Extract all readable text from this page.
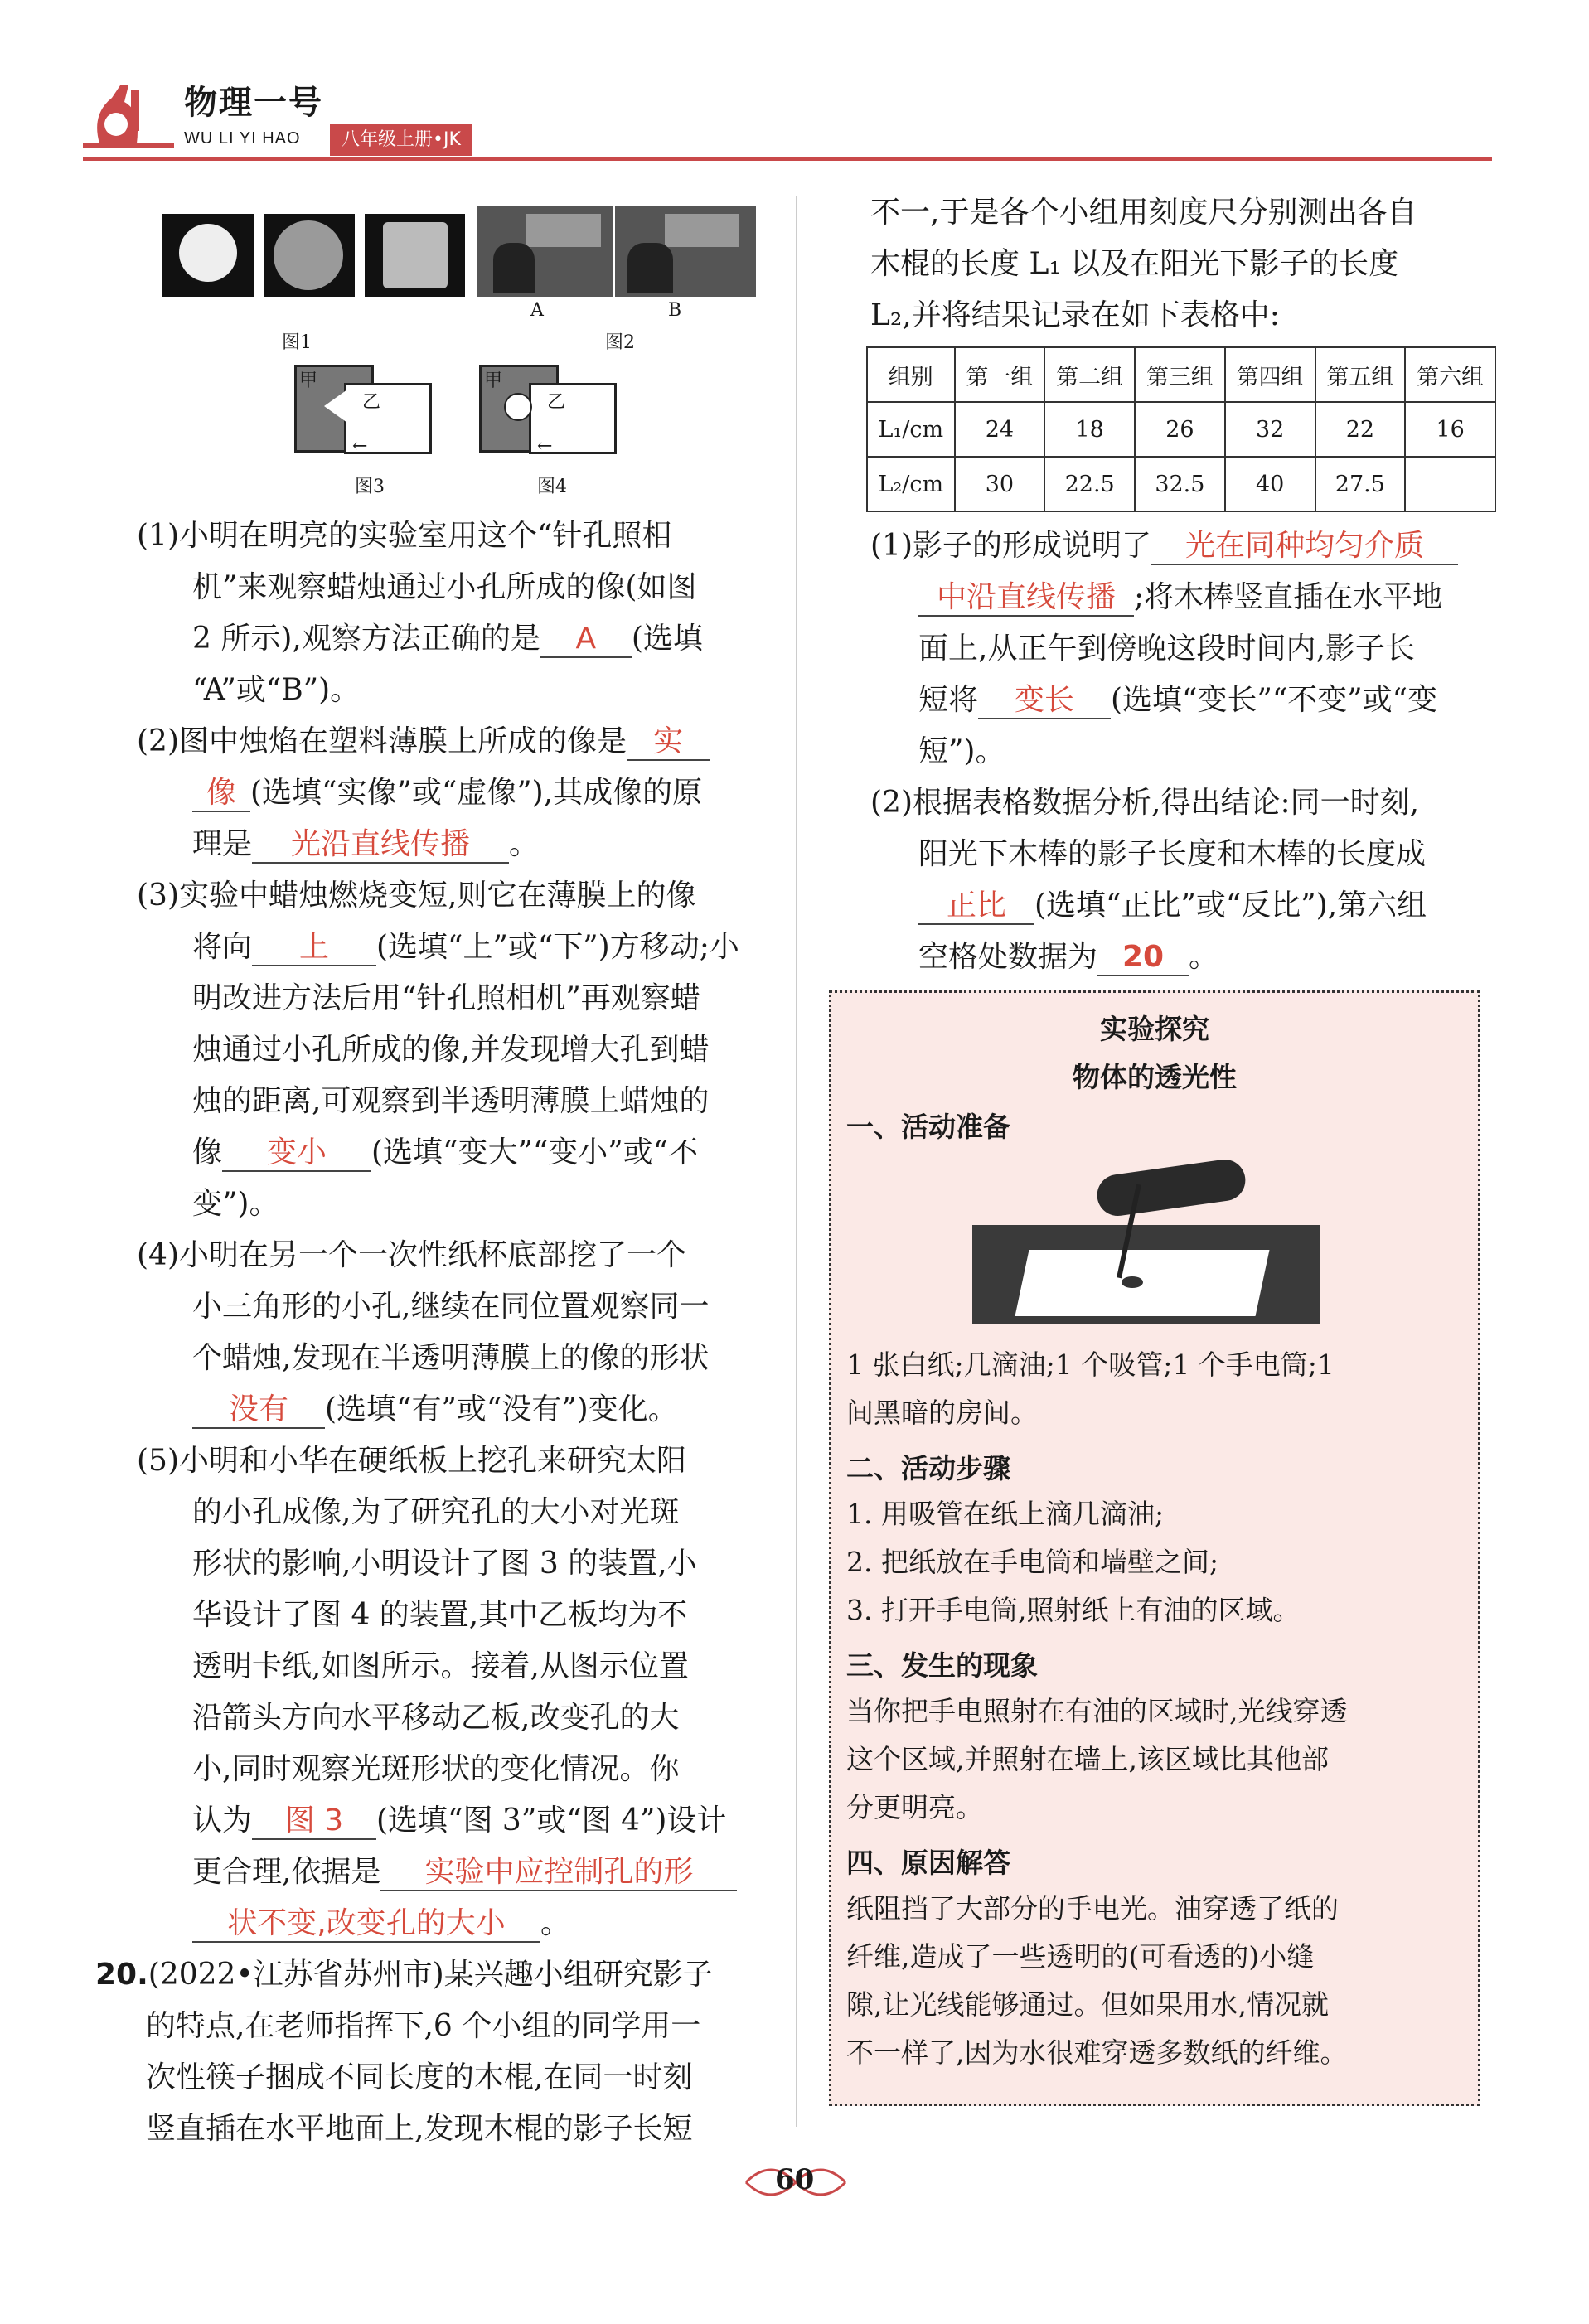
物理一号
WU LI YI HAO	八年级上册•JK
图1
A	B
图2
甲
乙
←
图3
甲
乙
←
图4
(1)小明在明亮的实验室用这个“针孔照相
机”来观察蜡烛通过小孔所成的像(如图
2 所示),观察方法正确的是 A (选填
“A”或“B”)。
(2)图中烛焰在塑料薄膜上所成的像是 实
像 (选填“实像”或“虚像”),其成像的原
理是 光沿直线传播 。
(3)实验中蜡烛燃烧变短,则它在薄膜上的像
将向 上 (选填“上”或“下”)方移动;小
明改进方法后用“针孔照相机”再观察蜡
烛通过小孔所成的像,并发现增大孔到蜡
烛的距离,可观察到半透明薄膜上蜡烛的
像 变小 (选填“变大”“变小”或“不
变”)。
(4)小明在另一个一次性纸杯底部挖了一个
小三角形的小孔,继续在同位置观察同一
个蜡烛,发现在半透明薄膜上的像的形状
没有 (选填“有”或“没有”)变化。
(5)小明和小华在硬纸板上挖孔来研究太阳
的小孔成像,为了研究孔的大小对光斑
形状的影响,小明设计了图 3 的装置,小
华设计了图 4 的装置,其中乙板均为不
透明卡纸,如图所示。接着,从图示位置
沿箭头方向水平移动乙板,改变孔的大
小,同时观察光斑形状的变化情况。你
认为 图 3 (选填“图 3”或“图 4”)设计
更合理,依据是 实验中应控制孔的形
状不变,改变孔的大小 。
20.(2022•江苏省苏州市)某兴趣小组研究影子
的特点,在老师指挥下,6 个小组的同学用一
次性筷子捆成不同长度的木棍,在同一时刻
竖直插在水平地面上,发现木棍的影子长短
不一,于是各个小组用刻度尺分别测出各自
木棍的长度 L₁ 以及在阳光下影子的长度
L₂,并将结果记录在如下表格中:
组别	第一组	第二组	第三组	第四组	第五组	第六组
L₁/cm	24	18	26	32	22	16
L₂/cm	30	22.5	32.5	40	27.5	
(1)影子的形成说明了 光在同种均匀介质
中沿直线传播 ;将木棒竖直插在水平地
面上,从正午到傍晚这段时间内,影子长
短将 变长 (选填“变长”“不变”或“变
短”)。
(2)根据表格数据分析,得出结论:同一时刻,
阳光下木棒的影子长度和木棒的长度成
正比 (选填“正比”或“反比”),第六组
空格处数据为 20 。
实验探究
物体的透光性
一、活动准备
1 张白纸;几滴油;1 个吸管;1 个手电筒;1
间黑暗的房间。
二、活动步骤
1. 用吸管在纸上滴几滴油;
2. 把纸放在手电筒和墙壁之间;
3. 打开手电筒,照射纸上有油的区域。
三、发生的现象
当你把手电照射在有油的区域时,光线穿透
这个区域,并照射在墙上,该区域比其他部
分更明亮。
四、原因解答
纸阻挡了大部分的手电光。油穿透了纸的
纤维,造成了一些透明的(可看透的)小缝
隙,让光线能够通过。但如果用水,情况就
不一样了,因为水很难穿透多数纸的纤维。
60
